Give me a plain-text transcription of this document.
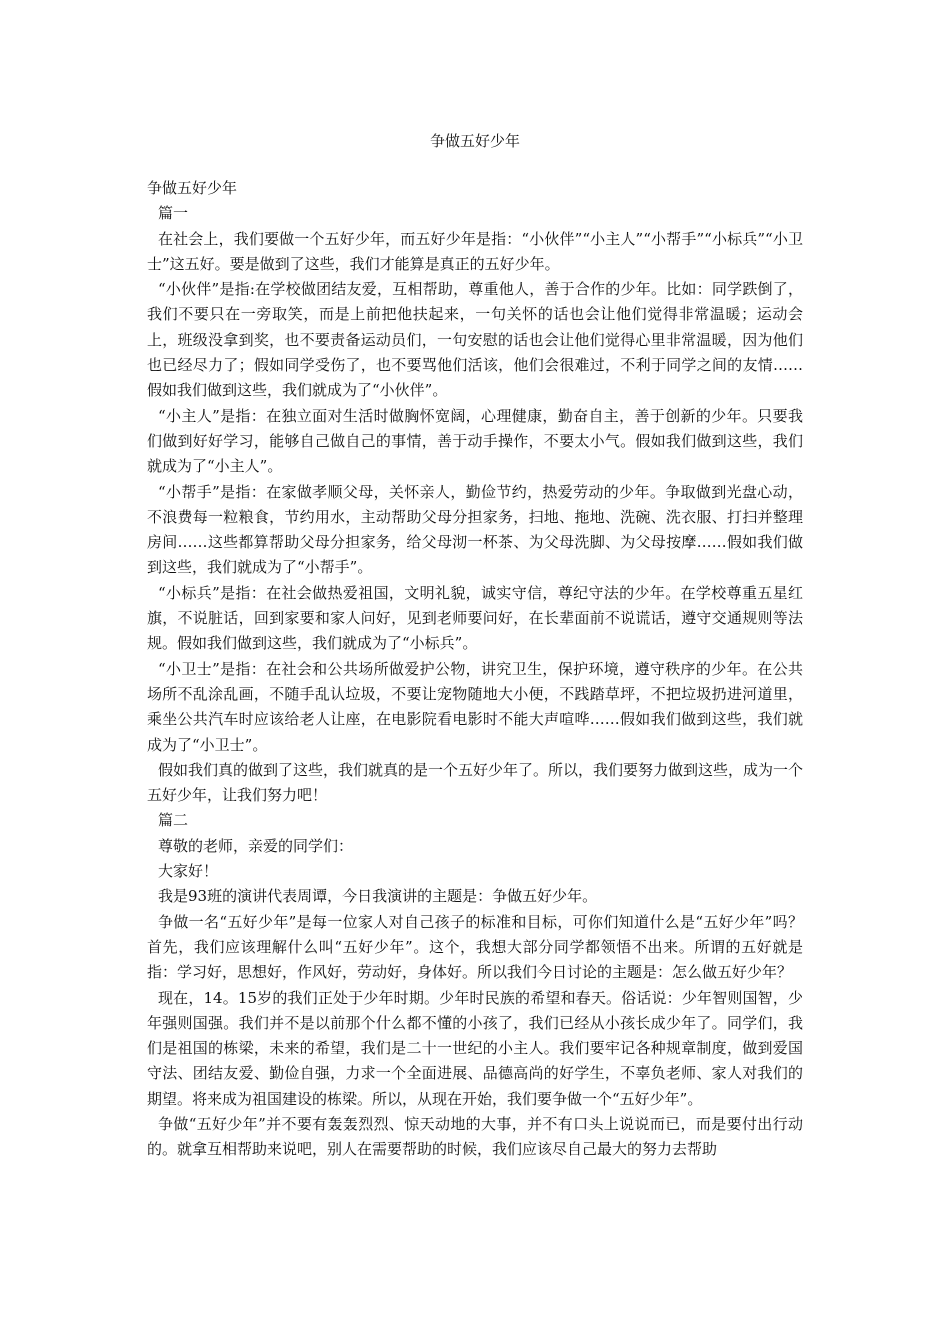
争做五好少年

争做五好少年

篇一

在社会上，我们要做一个五好少年，而五好少年是指：“小伙伴”“小主人”“小帮手”“小标兵”“小卫士”这五好。要是做到了这些，我们才能算是真正的五好少年。

“小伙伴”是指:在学校做团结友爱，互相帮助，尊重他人，善于合作的少年。比如：同学跌倒了，我们不要只在一旁取笑，而是上前把他扶起来，一句关怀的话也会让他们觉得非常温暖；运动会上，班级没拿到奖，也不要责备运动员们，一句安慰的话也会让他们觉得心里非常温暖，因为他们也已经尽力了；假如同学受伤了，也不要骂他们活该，他们会很难过，不利于同学之间的友情……假如我们做到这些，我们就成为了“小伙伴”。

“小主人”是指：在独立面对生活时做胸怀宽阔，心理健康，勤奋自主，善于创新的少年。只要我们做到好好学习，能够自己做自己的事情，善于动手操作，不要太小气。假如我们做到这些，我们就成为了“小主人”。

“小帮手”是指：在家做孝顺父母，关怀亲人，勤俭节约，热爱劳动的少年。争取做到光盘心动，不浪费每一粒粮食，节约用水，主动帮助父母分担家务，扫地、拖地、洗碗、洗衣服、打扫并整理房间……这些都算帮助父母分担家务，给父母沏一杯茶、为父母洗脚、为父母按摩……假如我们做到这些，我们就成为了“小帮手”。

“小标兵”是指：在社会做热爱祖国，文明礼貌，诚实守信，尊纪守法的少年。在学校尊重五星红旗，不说脏话，回到家要和家人问好，见到老师要问好，在长辈面前不说谎话，遵守交通规则等法规。假如我们做到这些，我们就成为了“小标兵”。

“小卫士”是指：在社会和公共场所做爱护公物，讲究卫生，保护环境，遵守秩序的少年。在公共场所不乱涂乱画，不随手乱认垃圾，不要让宠物随地大小便，不践踏草坪，不把垃圾扔进河道里，乘坐公共汽车时应该给老人让座，在电影院看电影时不能大声喧哗……假如我们做到这些，我们就成为了“小卫士”。

假如我们真的做到了这些，我们就真的是一个五好少年了。所以，我们要努力做到这些，成为一个五好少年，让我们努力吧！

篇二

尊敬的老师，亲爱的同学们：

大家好！

我是93班的演讲代表周谭，今日我演讲的主题是：争做五好少年。

争做一名“五好少年”是每一位家人对自己孩子的标准和目标，可你们知道什么是“五好少年”吗？首先，我们应该理解什么叫“五好少年”。这个，我想大部分同学都领悟不出来。所谓的五好就是指：学习好，思想好，作风好，劳动好，身体好。所以我们今日讨论的主题是：怎么做五好少年？

现在，14。15岁的我们正处于少年时期。少年时民族的希望和春天。俗话说：少年智则国智，少年强则国强。我们并不是以前那个什么都不懂的小孩了，我们已经从小孩长成少年了。同学们，我们是祖国的栋梁，未来的希望，我们是二十一世纪的小主人。我们要牢记各种规章制度，做到爱国守法、团结友爱、勤俭自强，力求一个全面进展、品德高尚的好学生，不辜负老师、家人对我们的期望。将来成为祖国建设的栋梁。所以，从现在开始，我们要争做一个“五好少年”。

争做“五好少年”并不要有轰轰烈烈、惊天动地的大事，并不有口头上说说而已，而是要付出行动的。就拿互相帮助来说吧，别人在需要帮助的时候，我们应该尽自己最大的努力去帮助
